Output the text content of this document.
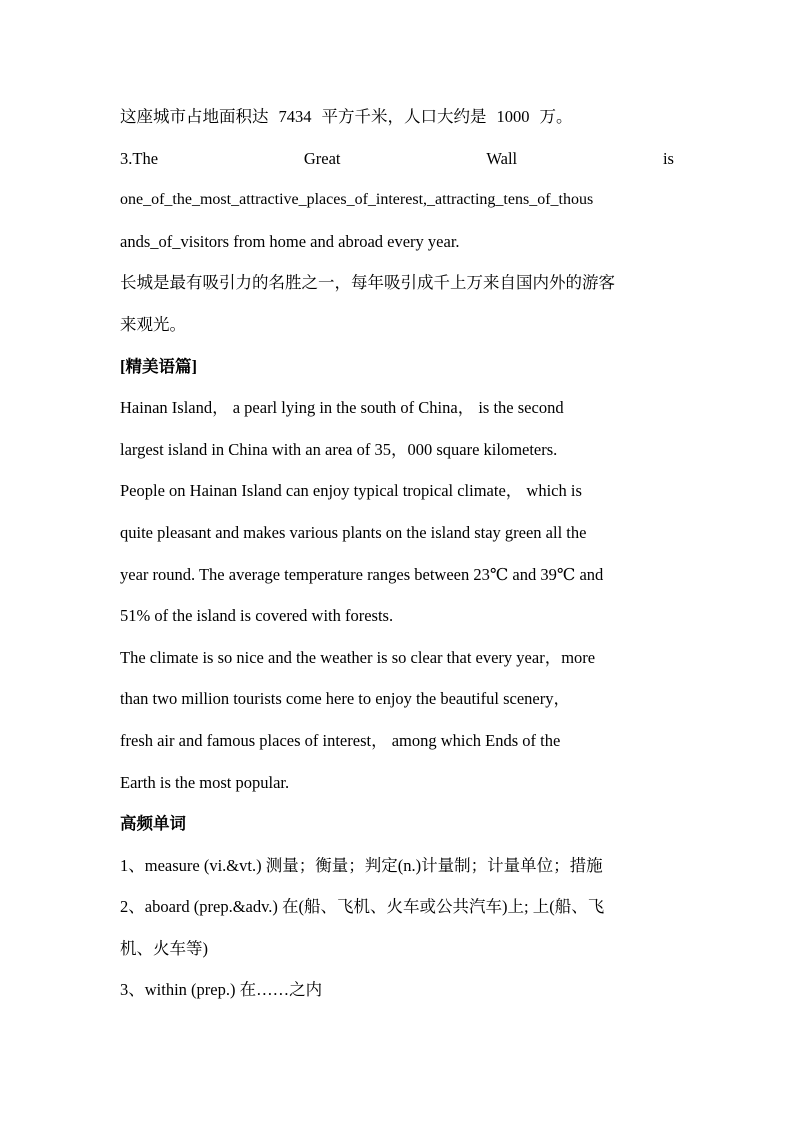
这座城市占地面积达 7434 平方千米，人口大约是 1000 万。
3.The	Great	Wall	is
one_of_the_most_attractive_places_of_interest,_attracting_tens_of_thous
ands_of_visitors from home and abroad every year.
长城是最有吸引力的名胜之一，每年吸引成千上万来自国内外的游客
来观光。
[精美语篇]
Hainan Island， a pearl lying in the south of China， is the second
largest island in China with an area of 35，000 square kilometers.
People on Hainan Island can enjoy typical tropical climate， which is
quite pleasant and makes various plants on the island stay green all the
year round. The average temperature ranges between 23℃ and 39℃ and
51% of the island is covered with forests.
The climate is so nice and the weather is so clear that every year，more
than two million tourists come here to enjoy the beautiful scenery，
fresh air and famous places of interest， among which Ends of the
Earth is the most popular.
高频单词
1、measure (vi.&vt.) 测量；衡量；判定(n.)计量制；计量单位；措施
2、aboard (prep.&adv.) 在(船、飞机、火车或公共汽车)上; 上(船、飞
机、火车等)
3、within (prep.) 在……之内
